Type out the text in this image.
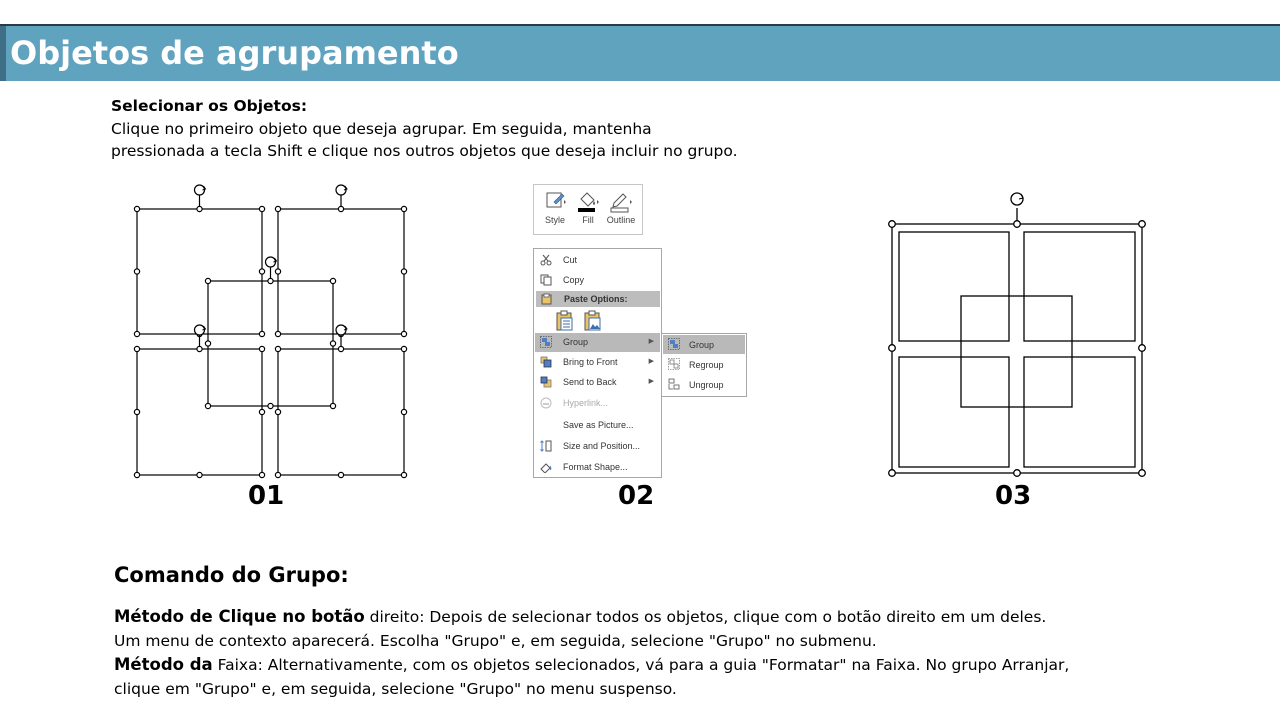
Objetos de agrupamento

Selecionar os Objetos:

Clique no primeiro objeto que deseja agrupar. Em seguida, mantenha

pressionada a tecla Shift e clique nos outros objetos que deseja incluir no grupo.

01
Style	Fill	Outline
Cut
Copy
Paste Options:
Group	▶
Bring to Front	▶
Send to Back	▶
Hyperlink...
Save as Picture...
Size and Position...
Format Shape...
Group
Regroup
Ungroup
02	03
Comando do Grupo:

Método de Clique no botão direito: Depois de selecionar todos os objetos, clique com o botão direito em um deles. Um menu de contexto aparecerá. Escolha "Grupo" e, em seguida, selecione "Grupo" no submenu.

Método da Faixa: Alternativamente, com os objetos selecionados, vá para a guia "Formatar" na Faixa. No grupo Arranjar, clique em "Grupo" e, em seguida, selecione "Grupo" no menu suspenso.
